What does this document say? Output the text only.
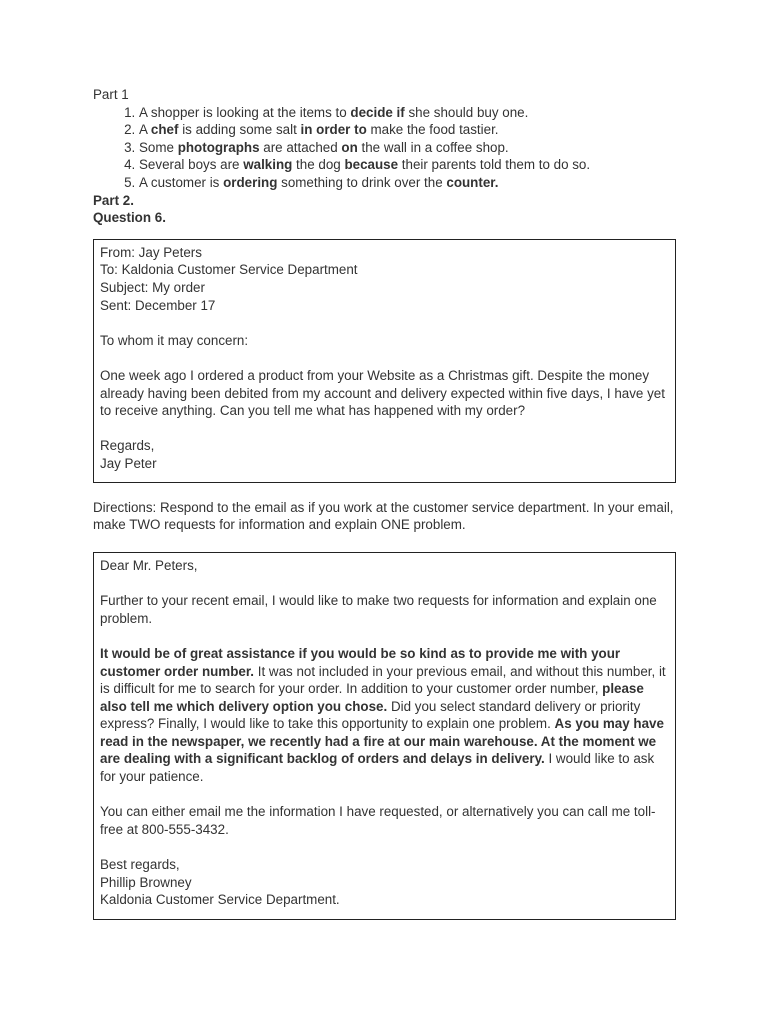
Part 1

1. A shopper is looking at the items to decide if she should buy one.
2. A chef is adding some salt in order to make the food tastier.
3. Some photographs are attached on the wall in a coffee shop.
4. Several boys are walking the dog because their parents told them to do so.
5. A customer is ordering something to drink over the counter.

Part 2.

Question 6.

From: Jay Peters

To: Kaldonia Customer Service Department

Subject: My order

Sent: December 17

To whom it may concern:

One week ago I ordered a product from your Website as a Christmas gift. Despite the money already having been debited from my account and delivery expected within five days, I have yet to receive anything. Can you tell me what has happened with my order?

Regards,

Jay Peter

Directions: Respond to the email as if you work at the customer service department. In your email, make TWO requests for information and explain ONE problem.

Dear Mr. Peters,

Further to your recent email, I would like to make two requests for information and explain one problem.

It would be of great assistance if you would be so kind as to provide me with your customer order number. It was not included in your previous email, and without this number, it is difficult for me to search for your order. In addition to your customer order number, please also tell me which delivery option you chose. Did you select standard delivery or priority express? Finally, I would like to take this opportunity to explain one problem. As you may have read in the newspaper, we recently had a fire at our main warehouse. At the moment we are dealing with a significant backlog of orders and delays in delivery. I would like to ask for your patience.

You can either email me the information I have requested, or alternatively you can call me toll-free at 800-555-3432.

Best regards,

Phillip Browney

Kaldonia Customer Service Department.
